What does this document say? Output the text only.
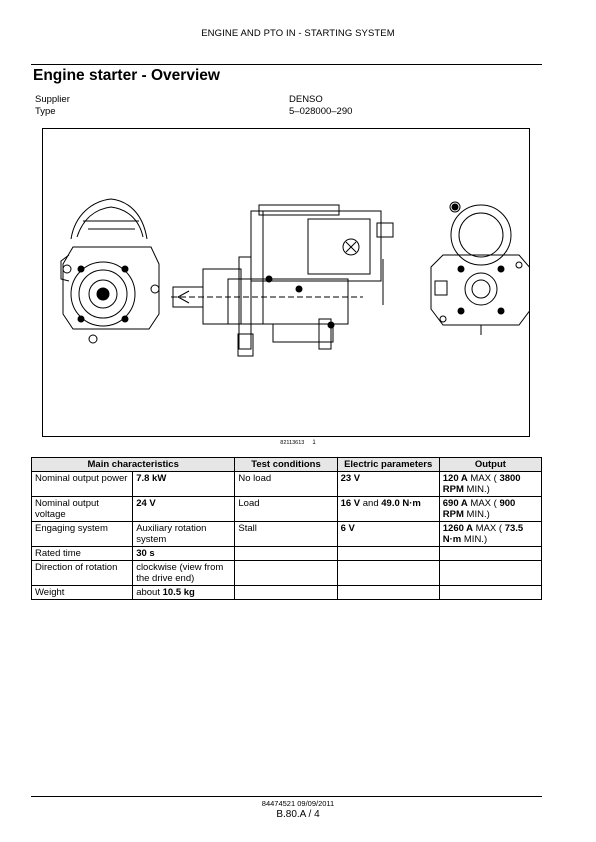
ENGINE AND PTO IN - STARTING SYSTEM
Engine starter - Overview
Supplier	DENSO
Type	5–028000–290
82113613 1
Main characteristics		Test conditions	Electric parameters	Output
Nominal output power	7.8 kW	No load	23 V	120 A MAX ( 3800 RPM MIN.)
Nominal output voltage	24 V	Load	16 V and 49.0 N·m	690 A MAX ( 900 RPM MIN.)
Engaging system	Auxiliary rotation system	Stall	6 V	1260 A MAX ( 73.5 N·m MIN.)
Rated time	30 s			
Direction of rotation	clockwise (view from the drive end)			
Weight	about 10.5 kg			
84474521 09/09/2011
B.80.A / 4
